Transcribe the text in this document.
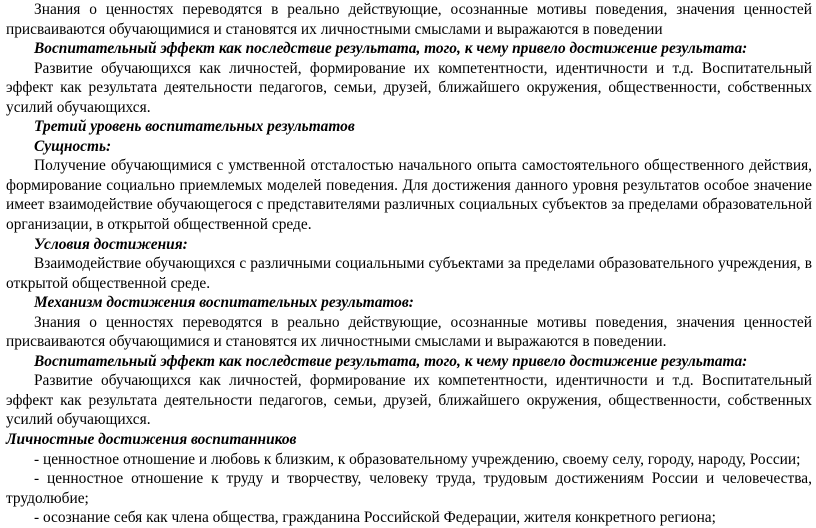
Знания о ценностях переводятся в реально действующие, осознанные мотивы поведения, значения ценностей присваиваются обучающимися и становятся их личностными смыслами и выражаются в поведении

Воспитательный эффект как последствие результата, того, к чему привело достижение результата:

Развитие обучающихся как личностей, формирование их компетентности, идентичности и т.д. Воспитательный эффект как результата деятельности педагогов, семьи, друзей, ближайшего окружения, общественности, собственных усилий обучающихся.

Третий уровень воспитательных результатов

Сущность:

Получение обучающимися с умственной отсталостью начального опыта самостоятельного общественного действия, формирование социально приемлемых моделей поведения. Для достижения данного уровня результатов особое значение имеет взаимодействие обучающегося с представителями различных социальных субъектов за пределами образовательной организации, в открытой общественной среде.

Условия достижения:

Взаимодействие обучающихся с различными социальными субъектами за пределами образовательного учреждения, в открытой общественной среде.

Механизм достижения воспитательных результатов:

Знания о ценностях переводятся в реально действующие, осознанные мотивы поведения, значения ценностей присваиваются обучающимися и становятся их личностными смыслами и выражаются в поведении.

Воспитательный эффект как последствие результата, того, к чему привело достижение результата:

Развитие обучающихся как личностей, формирование их компетентности, идентичности и т.д. Воспитательный эффект как результата деятельности педагогов, семьи, друзей, ближайшего окружения, общественности, собственных усилий обучающихся.

Личностные достижения воспитанников

- ценностное отношение и любовь к близким, к образовательному учреждению, своему селу, городу, народу, России;

- ценностное отношение к труду и творчеству, человеку труда, трудовым достижениям России и человечества, трудолюбие;

- осознание себя как члена общества, гражданина Российской Федерации, жителя конкретного региона;
